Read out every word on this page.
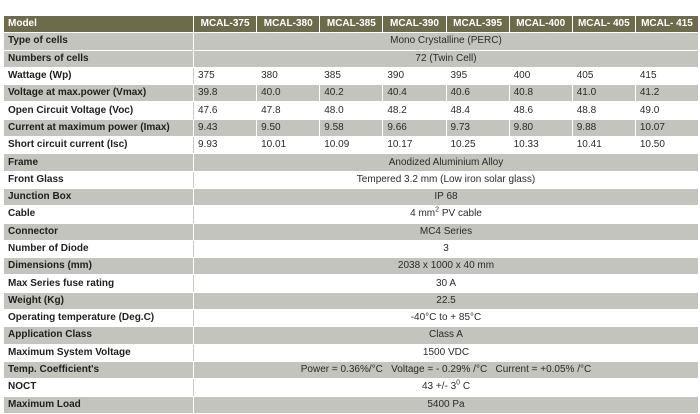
Model	MCAL-375	MCAL-380	MCAL-385	MCAL-390	MCAL-395	MCAL-400	MCAL- 405	MCAL- 415
Type of cells	Mono Crystalline (PERC)							
Numbers of cells	72 (Twin Cell)							
Wattage (Wp)	375	380	385	390	395	400	405	415
Voltage at max.power (Vmax)	39.8	40.0	40.2	40.4	40.6	40.8	41.0	41.2
Open Circuit Voltage (Voc)	47.6	47.8	48.0	48.2	48.4	48.6	48.8	49.0
Current at maximum power (Imax)	9.43	9.50	9.58	9.66	9.73	9.80	9.88	10.07
Short circuit current (Isc)	9.93	10.01	10.09	10.17	10.25	10.33	10.41	10.50
Frame	Anodized Aluminium Alloy							
Front Glass	Tempered 3.2 mm (Low iron solar glass)							
Junction Box	IP 68							
Cable	4 $mm^2$ PV cable							
Connector	MC4 Series							
Number of Diode	3							
Dimensions (mm)	2038 x 1000 x 40 mm							
Max Series fuse rating	30 A							
Weight (Kg)	22.5							
Operating temperature (Deg.C)	-40°C to + 85°C							
Application Class	Class A							
Maximum System Voltage	1500 VDC							
Temp. Coefficient's	Power = 0.36%/°C   Voltage = - 0.29% /°C   Current = +0.05% /°C							
NOCT	43 +/- $3^0$ C							
Maximum Load	5400 Pa							
